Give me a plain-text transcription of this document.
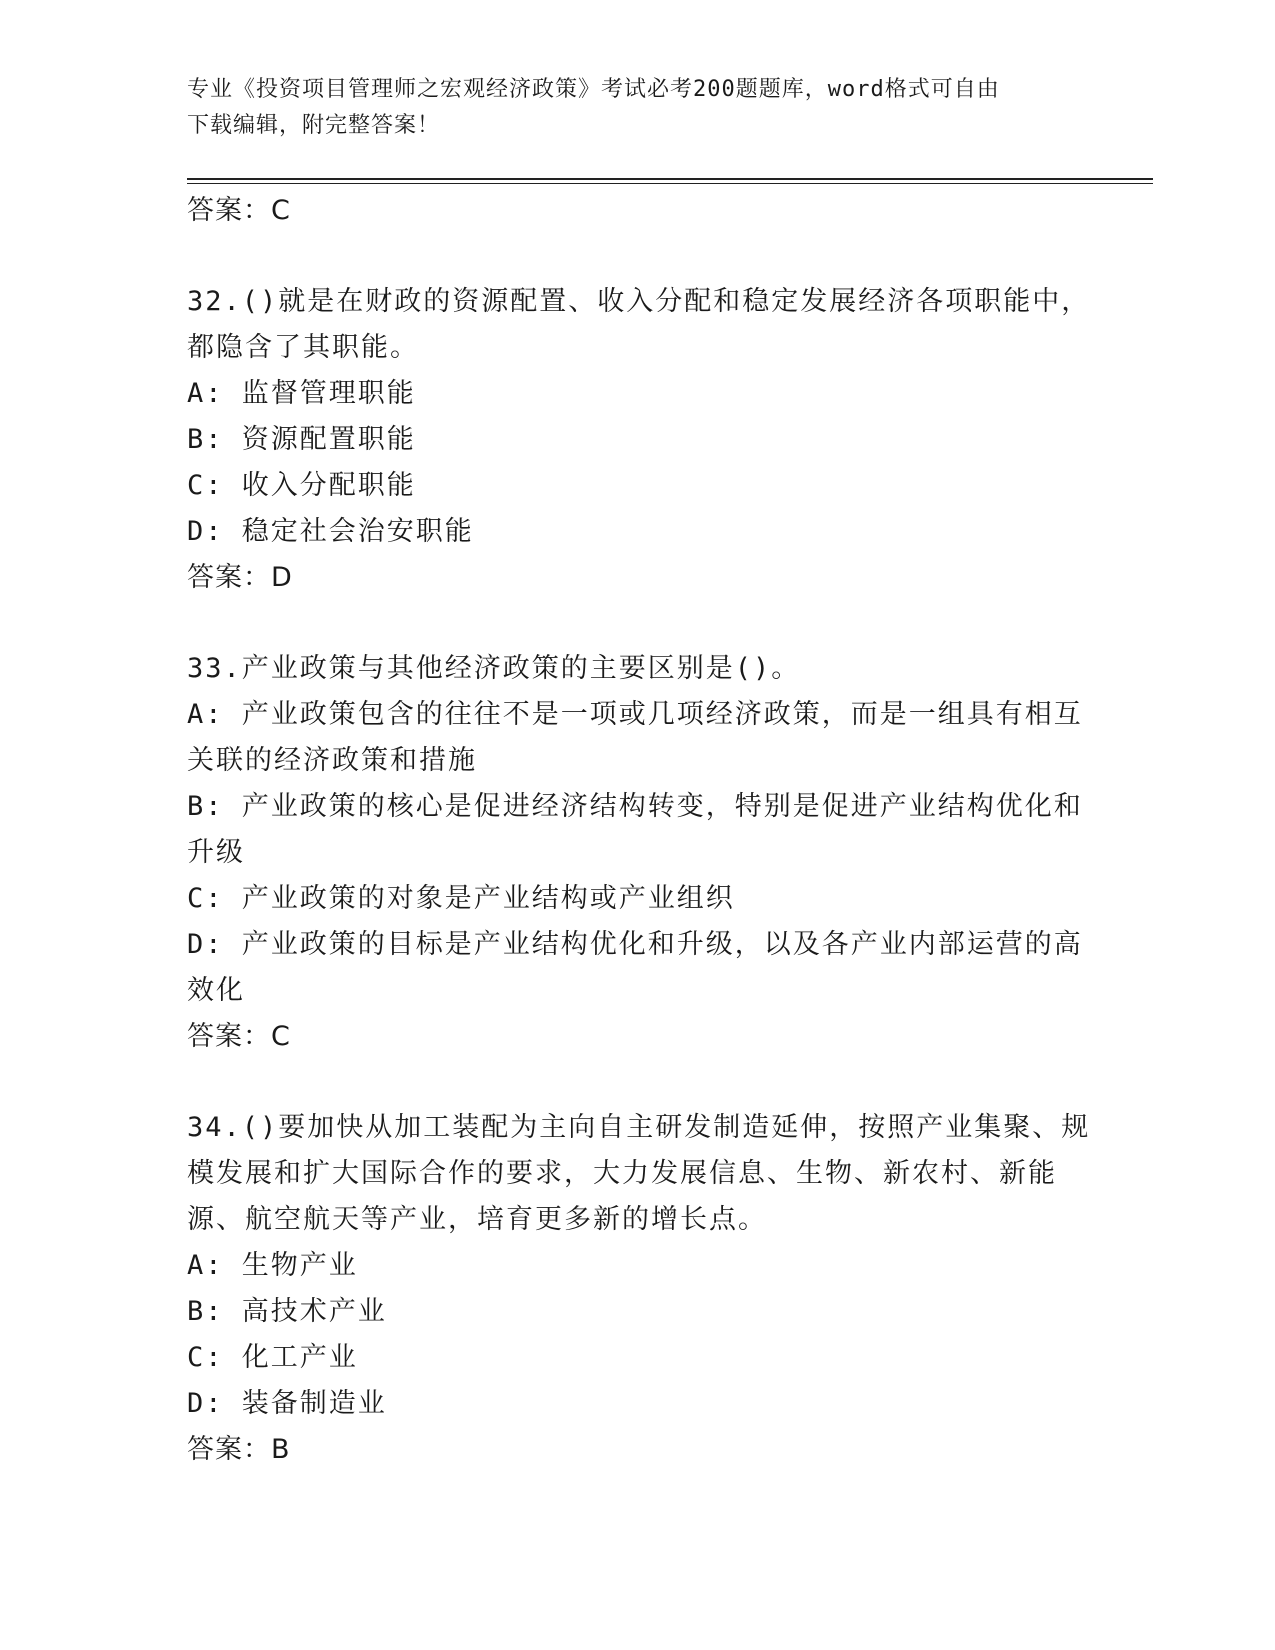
专业《投资项目管理师之宏观经济政策》考试必考200题题库，word格式可自由
下载编辑，附完整答案！
答案：C
32.()就是在财政的资源配置、收入分配和稳定发展经济各项职能中，
都隐含了其职能。
A: 监督管理职能
B: 资源配置职能
C: 收入分配职能
D: 稳定社会治安职能
答案：D
33.产业政策与其他经济政策的主要区别是()。
A: 产业政策包含的往往不是一项或几项经济政策，而是一组具有相互
关联的经济政策和措施
B: 产业政策的核心是促进经济结构转变，特别是促进产业结构优化和
升级
C: 产业政策的对象是产业结构或产业组织
D: 产业政策的目标是产业结构优化和升级，以及各产业内部运营的高
效化
答案：C
34.()要加快从加工装配为主向自主研发制造延伸，按照产业集聚、规
模发展和扩大国际合作的要求，大力发展信息、生物、新农村、新能
源、航空航天等产业，培育更多新的增长点。
A: 生物产业
B: 高技术产业
C: 化工产业
D: 装备制造业
答案：B
